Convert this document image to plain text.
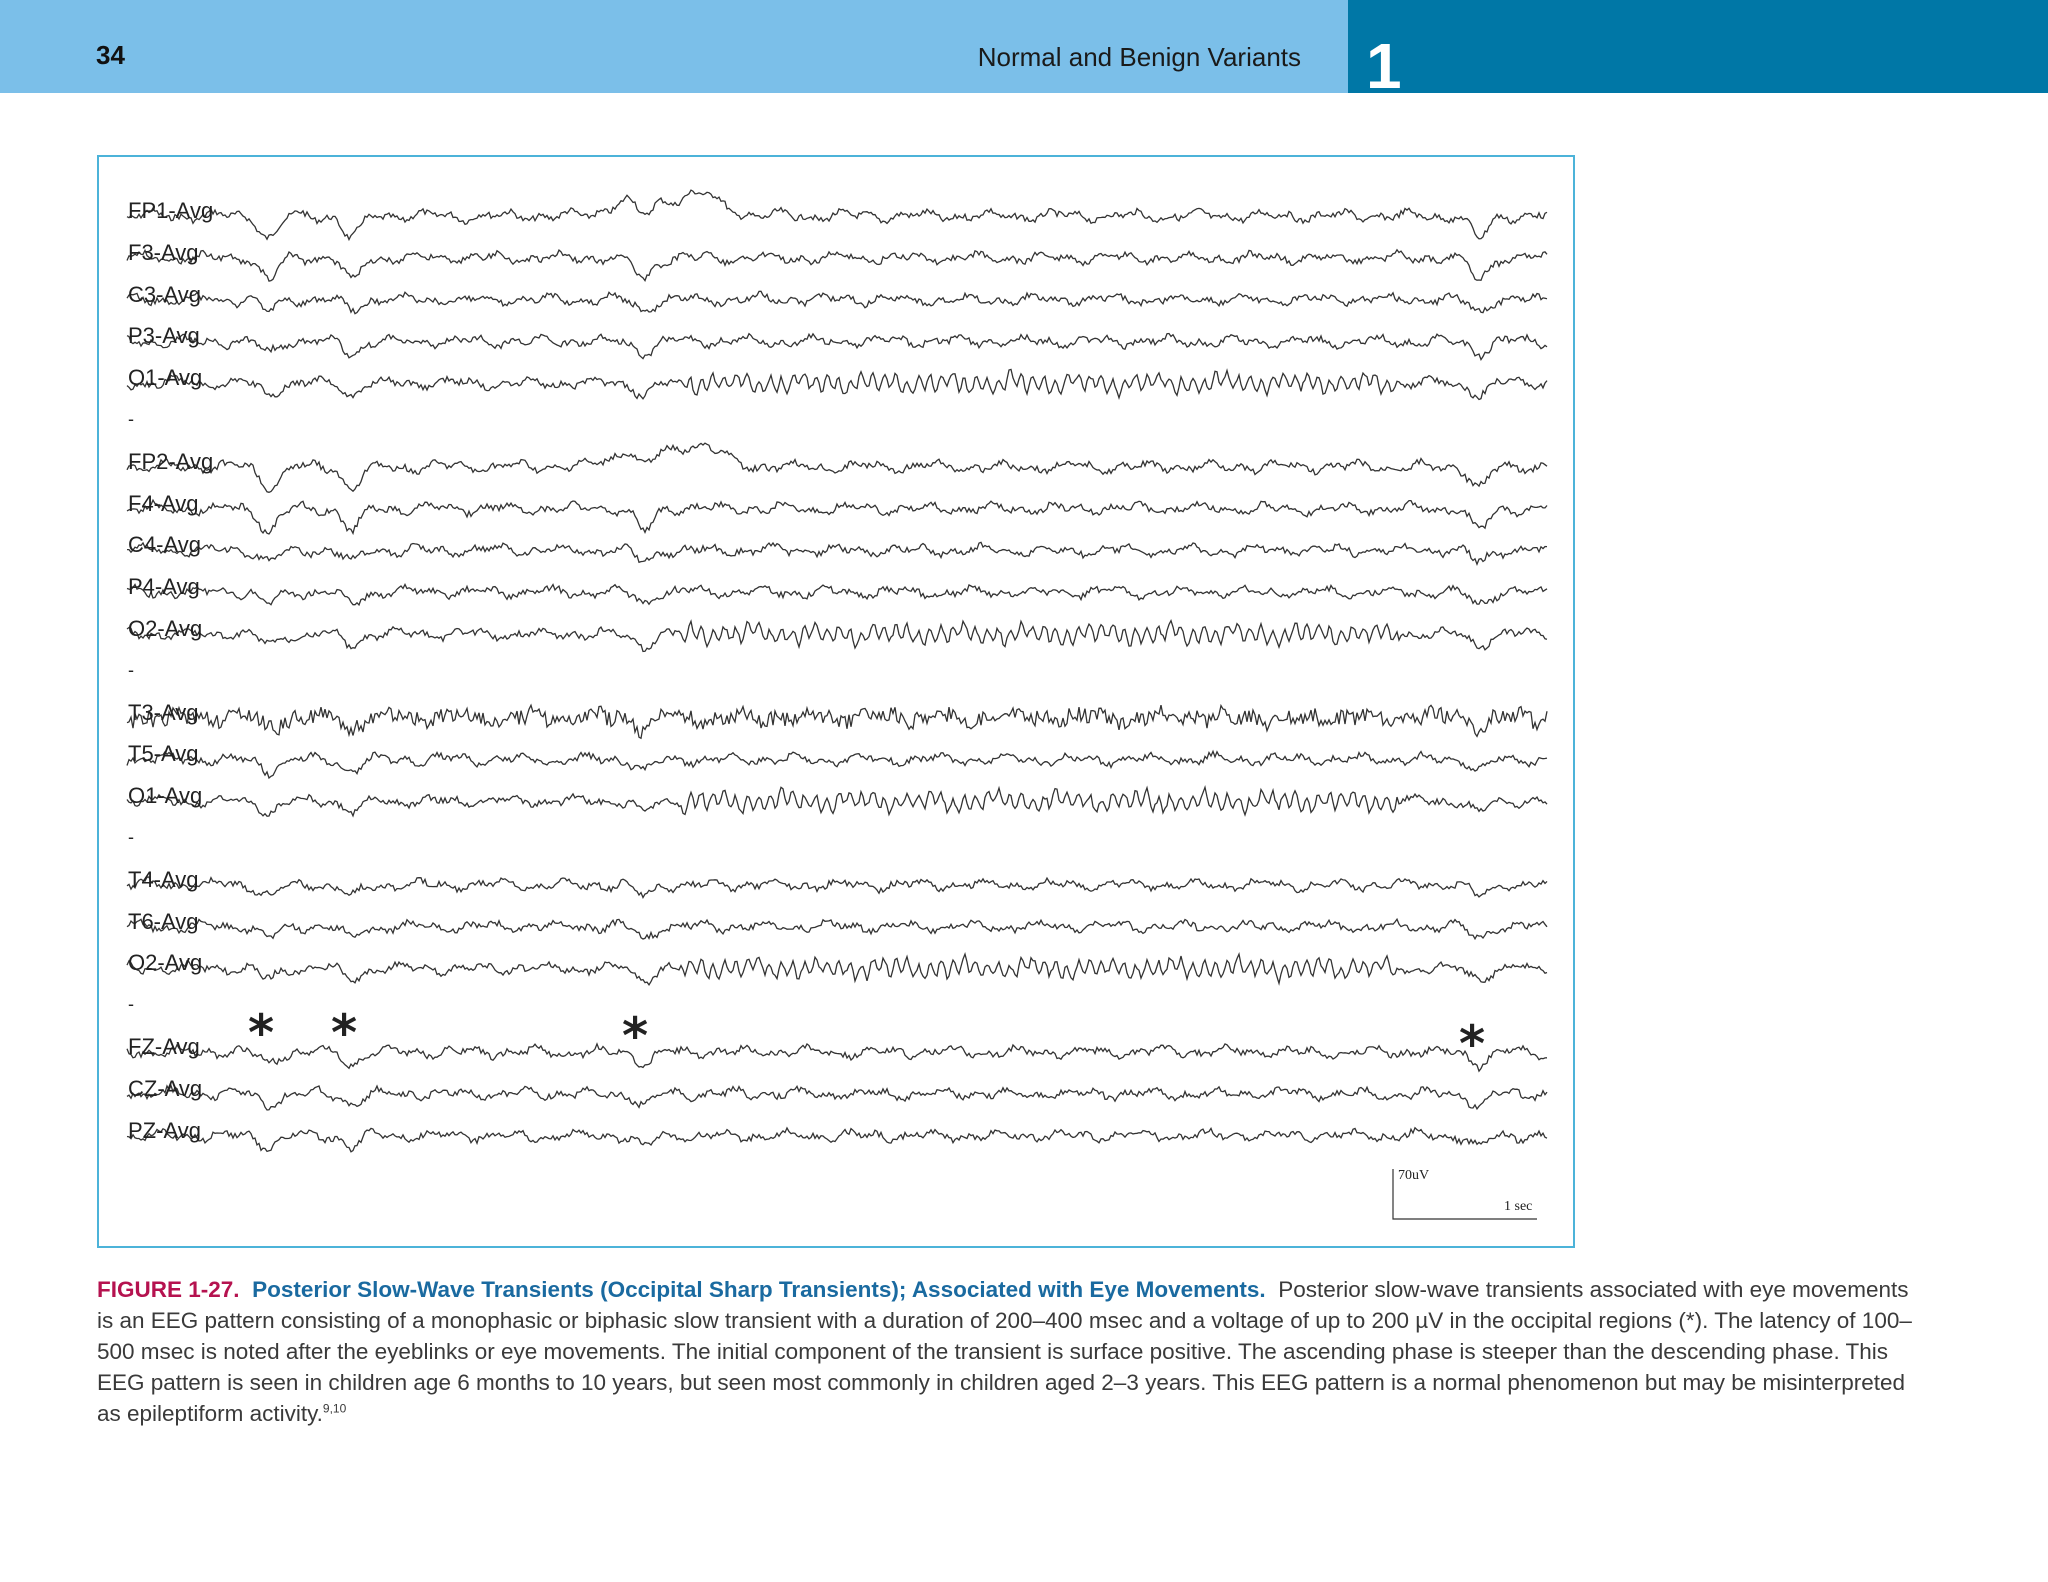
34	Normal and Benign Variants 1
FP1-Avg
F3-Avg
C3-Avg
P3-Avg
O1-Avg
-
FP2-Avg
F4-Avg
C4-Avg
P4-Avg
O2-Avg
-
T3-Avg
T5-Avg
O1-Avg
-
T4-Avg
T6-Avg
O2-Avg
-
FZ-Avg
CZ-Avg
PZ-Avg
* *	*	*
70uV
1 sec
FIGURE 1-27. Posterior Slow-Wave Transients (Occipital Sharp Transients); Associated with Eye Movements. Posterior slow-wave transients associated with eye movements is an EEG pattern consisting of a monophasic or biphasic slow transient with a duration of 200–400 msec and a voltage of up to 200 µV in the occipital regions (*). The latency of 100–500 msec is noted after the eyeblinks or eye movements. The initial component of the transient is surface positive. The ascending phase is steeper than the descending phase. This EEG pattern is seen in children age 6 months to 10 years, but seen most commonly in children aged 2–3 years. This EEG pattern is a normal phenomenon but may be misinterpreted as epileptiform activity.$^{9,10}$
